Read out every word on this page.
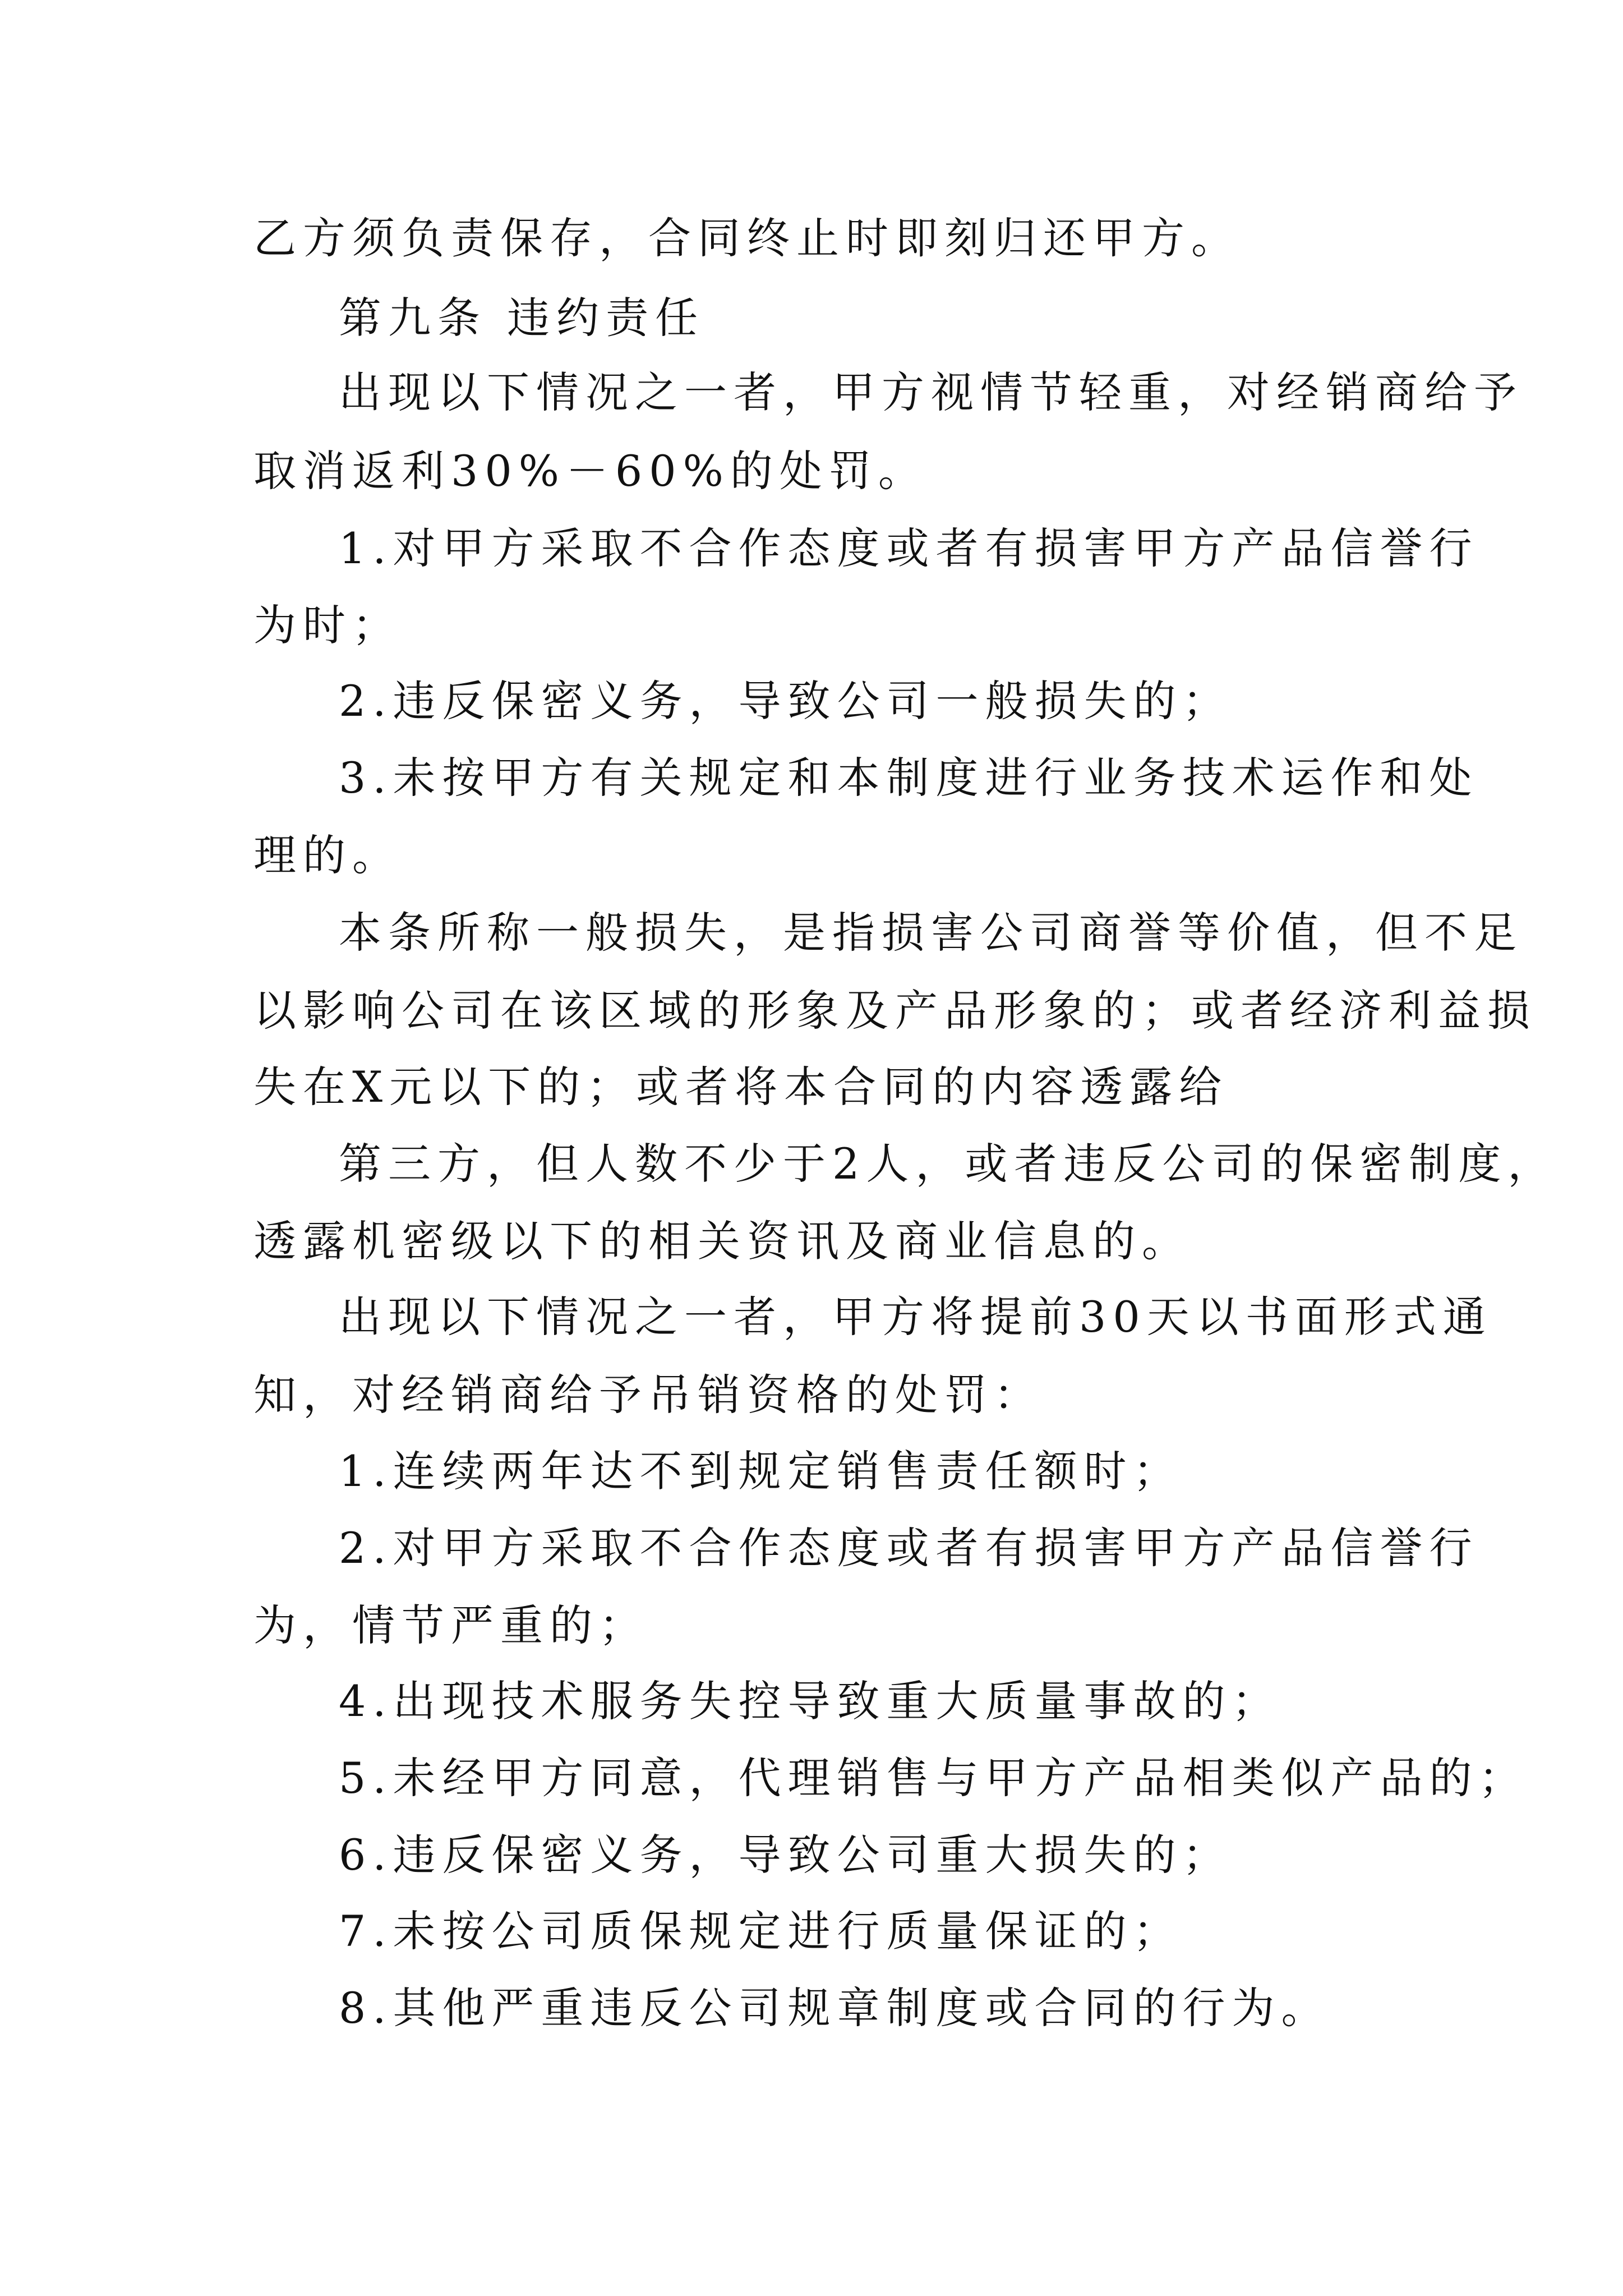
乙方须负责保存，合同终止时即刻归还甲方。

第九条 违约责任

出现以下情况之一者，甲方视情节轻重，对经销商给予

取消返利30%－60%的处罚。

1.对甲方采取不合作态度或者有损害甲方产品信誉行

为时；

2.违反保密义务，导致公司一般损失的；

3.未按甲方有关规定和本制度进行业务技术运作和处

理的。

本条所称一般损失，是指损害公司商誉等价值，但不足

以影响公司在该区域的形象及产品形象的；或者经济利益损

失在X元以下的；或者将本合同的内容透露给

第三方，但人数不少于2人，或者违反公司的保密制度，

透露机密级以下的相关资讯及商业信息的。

出现以下情况之一者，甲方将提前30天以书面形式通

知，对经销商给予吊销资格的处罚：

1.连续两年达不到规定销售责任额时；

2.对甲方采取不合作态度或者有损害甲方产品信誉行

为，情节严重的；

4.出现技术服务失控导致重大质量事故的；

5.未经甲方同意，代理销售与甲方产品相类似产品的；

6.违反保密义务，导致公司重大损失的；

7.未按公司质保规定进行质量保证的；

8.其他严重违反公司规章制度或合同的行为。
